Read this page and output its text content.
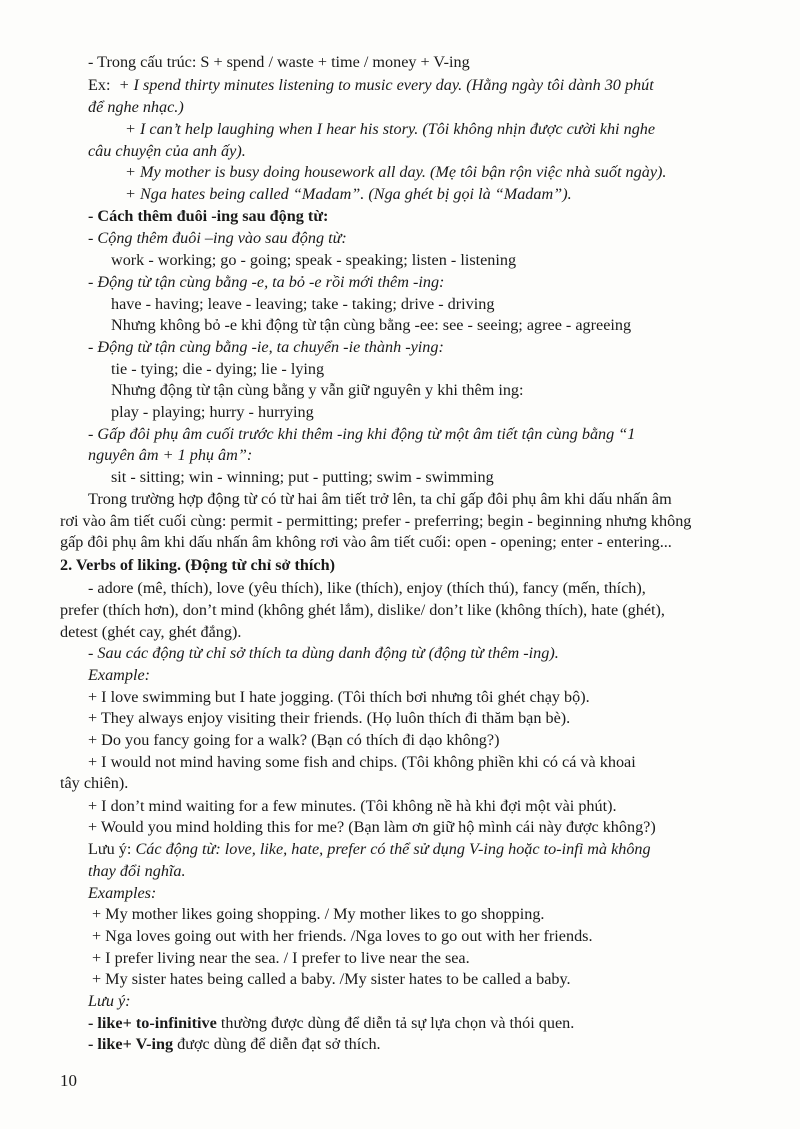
- Trong cấu trúc: S + spend / waste + time / money + V-ing
Ex: + I spend thirty minutes listening to music every day. (Hằng ngày tôi dành 30 phút
để nghe nhạc.)
+ I can’t help laughing when I hear his story. (Tôi không nhịn được cười khi nghe
câu chuyện của anh ấy).
+ My mother is busy doing housework all day. (Mẹ tôi bận rộn việc nhà suốt ngày).
+ Nga hates being called “Madam”. (Nga ghét bị gọi là “Madam”).
- Cách thêm đuôi -ing sau động từ:
- Cộng thêm đuôi –ing vào sau động từ:
work - working; go - going; speak - speaking; listen - listening
- Động từ tận cùng bằng -e, ta bỏ -e rồi mới thêm -ing:
have - having; leave - leaving; take - taking; drive - driving
Nhưng không bỏ -e khi động từ tận cùng bằng -ee: see - seeing; agree - agreeing
- Động từ tận cùng bằng -ie, ta chuyển -ie thành -ying:
tie - tying; die - dying; lie - lying
Nhưng động từ tận cùng bằng y vẫn giữ nguyên y khi thêm ing:
play - playing; hurry - hurrying
- Gấp đôi phụ âm cuối trước khi thêm -ing khi động từ một âm tiết tận cùng bằng “1
nguyên âm + 1 phụ âm”:
sit - sitting; win - winning; put - putting; swim - swimming
Trong trường hợp động từ có từ hai âm tiết trở lên, ta chỉ gấp đôi phụ âm khi dấu nhấn âm
rơi vào âm tiết cuối cùng: permit - permitting; prefer - preferring; begin - beginning nhưng không
gấp đôi phụ âm khi dấu nhấn âm không rơi vào âm tiết cuối: open - opening; enter - entering...
2. Verbs of liking. (Động từ chỉ sở thích)
- adore (mê, thích), love (yêu thích), like (thích), enjoy (thích thú), fancy (mến, thích),
prefer (thích hơn), don’t mind (không ghét lắm), dislike/ don’t like (không thích), hate (ghét),
detest (ghét cay, ghét đắng).
- Sau các động từ chỉ sở thích ta dùng danh động từ (động từ thêm -ing).
Example:
+ I love swimming but I hate jogging. (Tôi thích bơi nhưng tôi ghét chạy bộ).
+ They always enjoy visiting their friends. (Họ luôn thích đi thăm bạn bè).
+ Do you fancy going for a walk? (Bạn có thích đi dạo không?)
+ I would not mind having some fish and chips. (Tôi không phiền khi có cá và khoai
tây chiên).
+ I don’t mind waiting for a few minutes. (Tôi không nề hà khi đợi một vài phút).
+ Would you mind holding this for me? (Bạn làm ơn giữ hộ mình cái này được không?)
Lưu ý: Các động từ: love, like, hate, prefer có thể sử dụng V-ing hoặc to-infi mà không
thay đổi nghĩa.
Examples:
+ My mother likes going shopping. / My mother likes to go shopping.
+ Nga loves going out with her friends. /Nga loves to go out with her friends.
+ I prefer living near the sea. / I prefer to live near the sea.
+ My sister hates being called a baby. /My sister hates to be called a baby.
Lưu ý:
- like+ to-infinitive thường được dùng để diễn tả sự lựa chọn và thói quen.
- like+ V-ing được dùng để diễn đạt sở thích.
10
